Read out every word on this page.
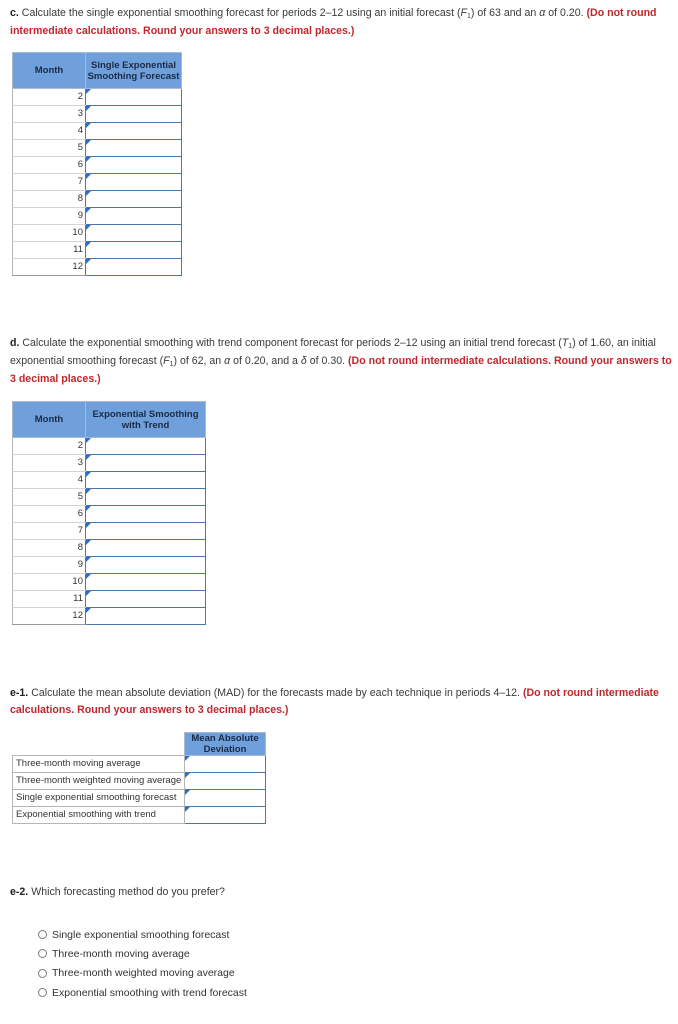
c. Calculate the single exponential smoothing forecast for periods 2–12 using an initial forecast $(F_1)$ of 63 and an α of 0.20. (Do not round intermediate calculations. Round your answers to 3 decimal places.)
Month	Single Exponential Smoothing Forecast
2	

3	

4	

5	

6	

7	

8	

9	

10	

11	

12	
d. Calculate the exponential smoothing with trend component forecast for periods 2–12 using an initial trend forecast $(T_1)$ of 1.60, an initial exponential smoothing forecast $(F_1)$ of 62, an α of 0.20, and a δ of 0.30. (Do not round intermediate calculations. Round your answers to 3 decimal places.)
Month	Exponential Smoothing with Trend
2	

3	

4	

5	

6	

7	

8	

9	

10	

11	

12	
e-1. Calculate the mean absolute deviation (MAD) for the forecasts made by each technique in periods 4–12. (Do not round intermediate calculations. Round your answers to 3 decimal places.)
	Mean Absolute Deviation
Three-month moving average	

Three-month weighted moving average	

Single exponential smoothing forecast	

Exponential smoothing with trend	
e-2. Which forecasting method do you prefer?
Single exponential smoothing forecast
Three-month moving average
Three-month weighted moving average
Exponential smoothing with trend forecast
